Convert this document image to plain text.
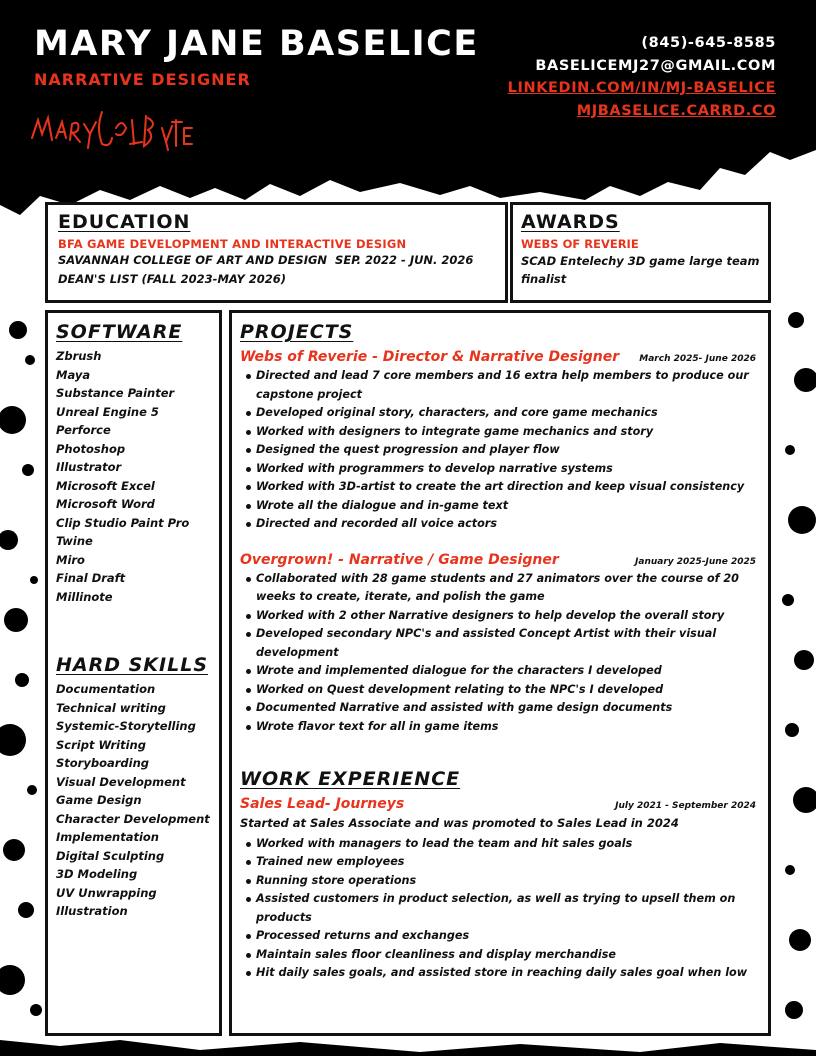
MARY JANE BASELICE
NARRATIVE DESIGNER
(845)-645-8585
BASELICEMJ27@GMAIL.COM
LINKEDIN.COM/IN/MJ-BASELICE
MJBASELICE.CARRD.CO
EDUCATION
BFA GAME DEVELOPMENT AND INTERACTIVE DESIGN
SAVANNAH COLLEGE OF ART AND DESIGN  SEP. 2022 - JUN. 2026
DEAN'S LIST (FALL 2023-MAY 2026)
AWARDS
WEBS OF REVERIE
SCAD Entelechy 3D game large team finalist
SOFTWARE
Zbrush
Maya
Substance Painter
Unreal Engine 5
Perforce
Photoshop
Illustrator
Microsoft Excel
Microsoft Word
Clip Studio Paint Pro
Twine
Miro
Final Draft
Millinote
HARD SKILLS
Documentation
Technical writing
Systemic-Storytelling
Script Writing
Storyboarding
Visual Development
Game Design
Character Development
Implementation
Digital Sculpting
3D Modeling
UV Unwrapping
Illustration
PROJECTS
Webs of Reverie - Director & Narrative Designer March 2025- June 2026
Directed and lead 7 core members and 16 extra help members to produce our capstone project
Developed original story, characters, and core game mechanics
Worked with designers to integrate game mechanics and story
Designed the quest progression and player flow
Worked with programmers to develop narrative systems
Worked with 3D-artist to create the art direction and keep visual consistency
Wrote all the dialogue and in-game text
Directed and recorded all voice actors
Overgrown! - Narrative / Game Designer	January 2025-June 2025
Collaborated with 28 game students and 27 animators over the course of 20 weeks to create, iterate, and polish the game
Worked with 2 other Narrative designers to help develop the overall story
Developed secondary NPC's and assisted Concept Artist with their visual development
Wrote and implemented dialogue for the characters I developed
Worked on Quest development relating to the NPC's I developed
Documented Narrative and assisted with game design documents
Wrote flavor text for all in game items
WORK EXPERIENCE
Sales Lead- Journeys	July 2021 - September 2024
Started at Sales Associate and was promoted to Sales Lead in 2024
Worked with managers to lead the team and hit sales goals
Trained new employees
Running store operations
Assisted customers in product selection, as well as trying to upsell them on products
Processed returns and exchanges
Maintain sales floor cleanliness and display merchandise
Hit daily sales goals, and assisted store in reaching daily sales goal when low
